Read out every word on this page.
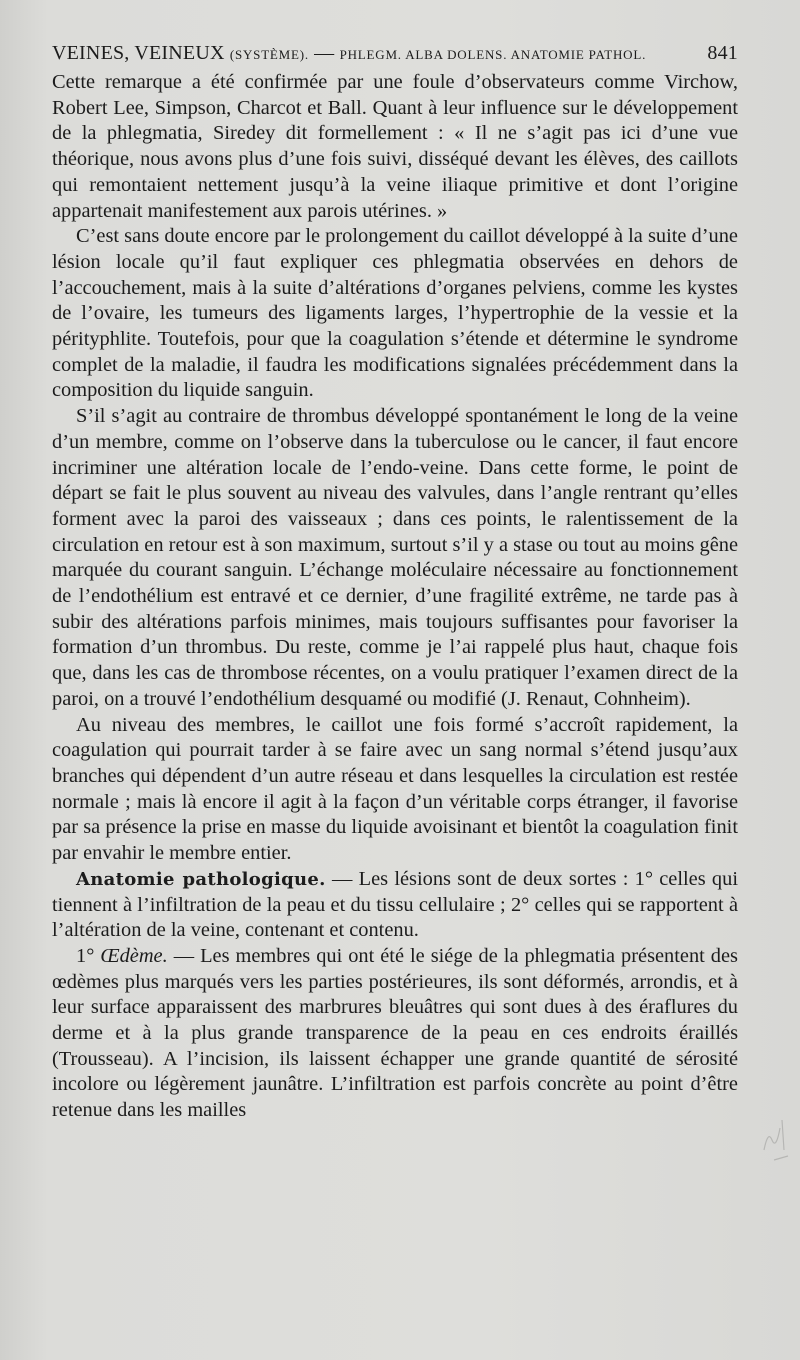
VEINES, VEINEUX (SYSTÈME). — PHLEGM. ALBA DOLENS. ANATOMIE PATHOL.	841

Cette remarque a été confirmée par une foule d’observateurs comme Virchow, Robert Lee, Simpson, Charcot et Ball. Quant à leur influence sur le développement de la phlegmatia, Siredey dit formellement : « Il ne s’agit pas ici d’une vue théorique, nous avons plus d’une fois suivi, disséqué devant les élèves, des caillots qui remontaient nettement jusqu’à la veine iliaque primitive et dont l’origine appartenait manifestement aux parois utérines. »

C’est sans doute encore par le prolongement du caillot développé à la suite d’une lésion locale qu’il faut expliquer ces phlegmatia observées en dehors de l’accouchement, mais à la suite d’altérations d’organes pelviens, comme les kystes de l’ovaire, les tumeurs des ligaments larges, l’hypertrophie de la vessie et la pérityphlite. Toutefois, pour que la coagulation s’étende et détermine le syndrome complet de la maladie, il faudra les modifications signalées précédemment dans la composition du liquide sanguin.

S’il s’agit au contraire de thrombus développé spontanément le long de la veine d’un membre, comme on l’observe dans la tuberculose ou le cancer, il faut encore incriminer une altération locale de l’endo-veine. Dans cette forme, le point de départ se fait le plus souvent au niveau des valvules, dans l’angle rentrant qu’elles forment avec la paroi des vaisseaux ; dans ces points, le ralentissement de la circulation en retour est à son maximum, surtout s’il y a stase ou tout au moins gêne marquée du courant sanguin. L’échange moléculaire nécessaire au fonctionnement de l’endothélium est entravé et ce dernier, d’une fragilité extrême, ne tarde pas à subir des altérations parfois minimes, mais toujours suffisantes pour favoriser la formation d’un thrombus. Du reste, comme je l’ai rappelé plus haut, chaque fois que, dans les cas de thrombose récentes, on a voulu pratiquer l’examen direct de la paroi, on a trouvé l’endothélium desquamé ou modifié (J. Renaut, Cohnheim).

Au niveau des membres, le caillot une fois formé s’accroît rapidement, la coagulation qui pourrait tarder à se faire avec un sang normal s’étend jusqu’aux branches qui dépendent d’un autre réseau et dans lesquelles la circulation est restée normale ; mais là encore il agit à la façon d’un véritable corps étranger, il favorise par sa présence la prise en masse du liquide avoisinant et bientôt la coagulation finit par envahir le membre entier.

Anatomie pathologique. — Les lésions sont de deux sortes : 1° celles qui tiennent à l’infiltration de la peau et du tissu cellulaire ; 2° celles qui se rapportent à l’altération de la veine, contenant et contenu.

1° Œdème. — Les membres qui ont été le siége de la phlegmatia présentent des œdèmes plus marqués vers les parties postérieures, ils sont déformés, arrondis, et à leur surface apparaissent des marbrures bleuâtres qui sont dues à des éraflures du derme et à la plus grande transparence de la peau en ces endroits éraillés (Trousseau). A l’incision, ils laissent échapper une grande quantité de sérosité incolore ou légèrement jaunâtre. L’infiltration est parfois concrète au point d’être retenue dans les mailles
